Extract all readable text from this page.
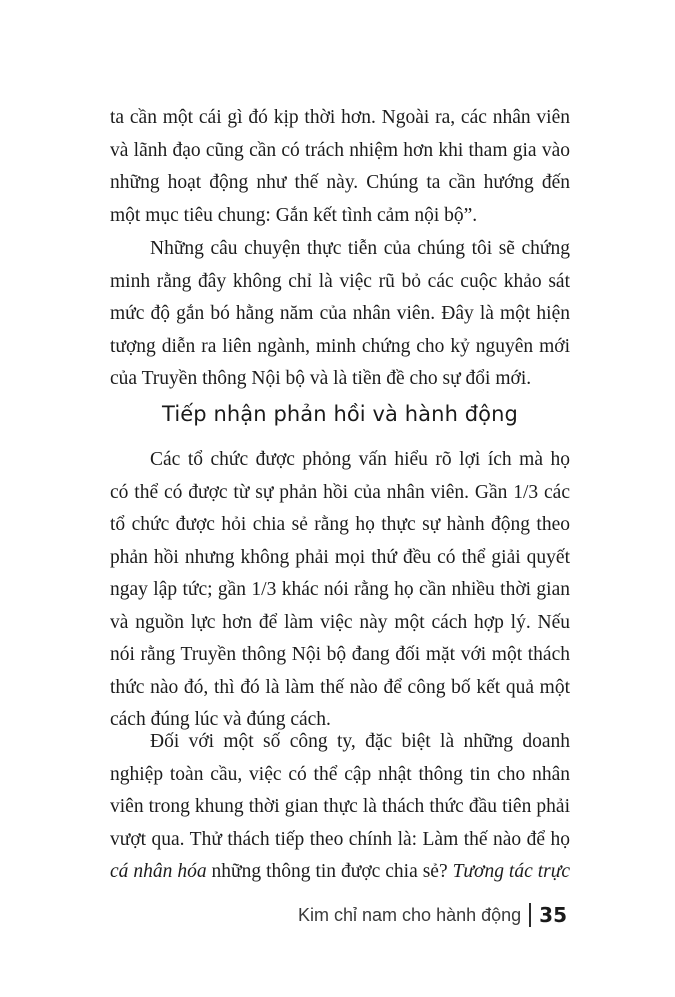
ta cần một cái gì đó kịp thời hơn. Ngoài ra, các nhân viên
và lãnh đạo cũng cần có trách nhiệm hơn khi tham gia vào
những hoạt động như thế này. Chúng ta cần hướng đến
một mục tiêu chung: Gắn kết tình cảm nội bộ”.
Những câu chuyện thực tiễn của chúng tôi sẽ chứng
minh rằng đây không chỉ là việc rũ bỏ các cuộc khảo sát
mức độ gắn bó hằng năm của nhân viên. Đây là một hiện
tượng diễn ra liên ngành, minh chứng cho kỷ nguyên mới
của Truyền thông Nội bộ và là tiền đề cho sự đổi mới.
Tiếp nhận phản hồi và hành động
Các tổ chức được phỏng vấn hiểu rõ lợi ích mà họ
có thể có được từ sự phản hồi của nhân viên. Gần 1/3 các
tổ chức được hỏi chia sẻ rằng họ thực sự hành động theo
phản hồi nhưng không phải mọi thứ đều có thể giải quyết
ngay lập tức; gần 1/3 khác nói rằng họ cần nhiều thời gian
và nguồn lực hơn để làm việc này một cách hợp lý. Nếu
nói rằng Truyền thông Nội bộ đang đối mặt với một thách
thức nào đó, thì đó là làm thế nào để công bố kết quả một
cách đúng lúc và đúng cách.
Đối với một số công ty, đặc biệt là những doanh
nghiệp toàn cầu, việc có thể cập nhật thông tin cho nhân
viên trong khung thời gian thực là thách thức đầu tiên phải
vượt qua. Thử thách tiếp theo chính là: Làm thế nào để họ
cá nhân hóa những thông tin được chia sẻ? Tương tác trực
Kim chỉ nam cho hành động 35
